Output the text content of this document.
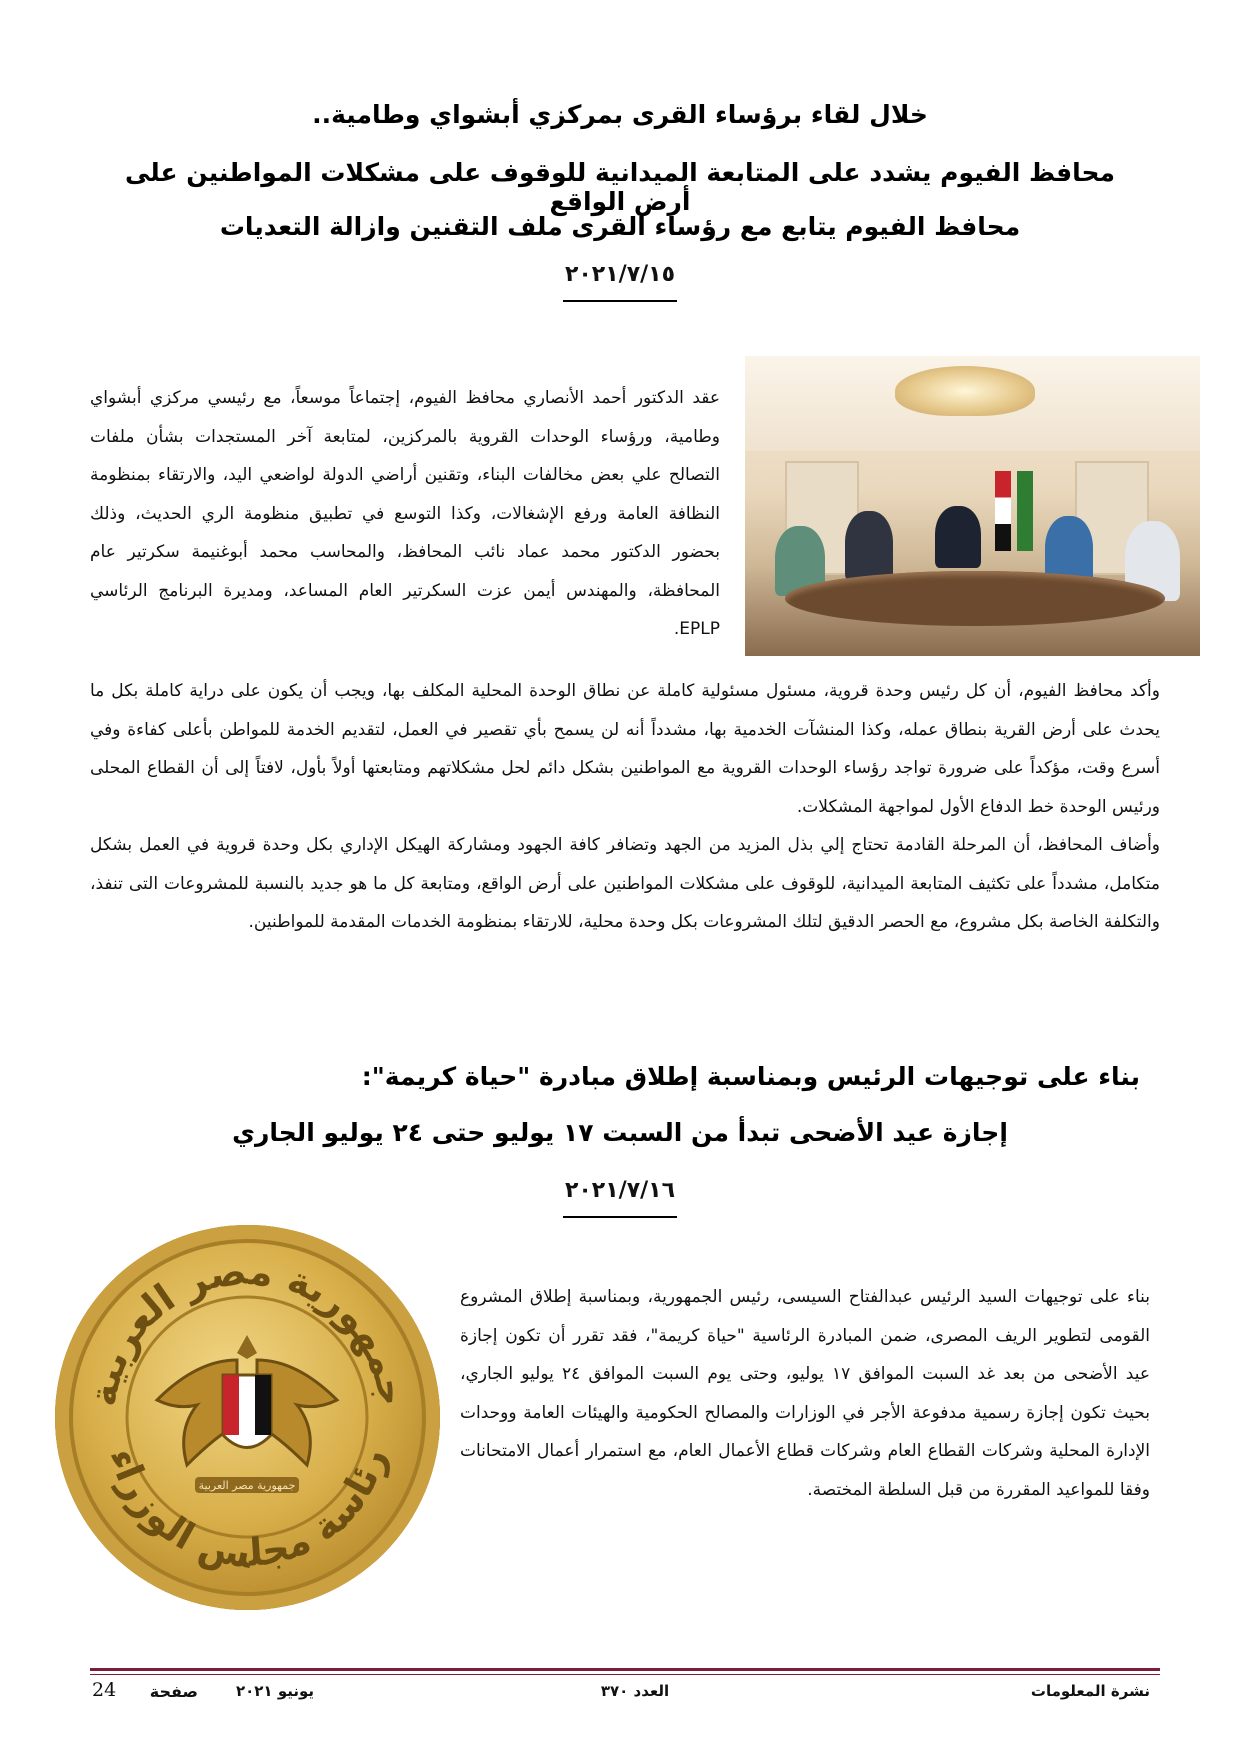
خلال لقاء برؤساء القرى بمركزي أبشواي وطامية..
محافظ الفيوم يشدد على المتابعة الميدانية للوقوف على مشكلات المواطنين على أرض الواقع
محافظ الفيوم يتابع مع رؤساء القرى ملف التقنين وازالة التعديات
٢٠٢١/٧/١٥
عقد الدكتور أحمد الأنصاري محافظ الفيوم، إجتماعاً موسعاً، مع رئيسي مركزي أبشواي وطامية، ورؤساء الوحدات القروية بالمركزين، لمتابعة آخر المستجدات بشأن ملفات التصالح علي بعض مخالفات البناء، وتقنين أراضي الدولة لواضعي اليد، والارتقاء بمنظومة النظافة العامة ورفع الإشغالات، وكذا التوسع في تطبيق منظومة الري الحديث، وذلك بحضور الدكتور محمد عماد نائب المحافظ، والمحاسب محمد أبوغنيمة سكرتير عام المحافظة، والمهندس أيمن عزت السكرتير العام المساعد، ومديرة البرنامج الرئاسي EPLP.
وأكد محافظ الفيوم، أن كل رئيس وحدة قروية، مسئول مسئولية كاملة عن نطاق الوحدة المحلية المكلف بها، ويجب أن يكون على دراية كاملة بكل ما يحدث على أرض القرية بنطاق عمله، وكذا المنشآت الخدمية بها، مشدداً أنه لن يسمح بأي تقصير في العمل، لتقديم الخدمة للمواطن بأعلى كفاءة وفي أسرع وقت، مؤكداً على ضرورة تواجد رؤساء الوحدات القروية مع المواطنين بشكل دائم لحل مشكلاتهم ومتابعتها أولاً بأول، لافتاً إلى أن القطاع المحلى ورئيس الوحدة خط الدفاع الأول لمواجهة المشكلات.
وأضاف المحافظ، أن المرحلة القادمة تحتاج إلي بذل المزيد من الجهد وتضافر كافة الجهود ومشاركة الهيكل الإداري بكل وحدة قروية في العمل بشكل متكامل، مشدداً على تكثيف المتابعة الميدانية، للوقوف على مشكلات المواطنين على أرض الواقع، ومتابعة كل ما هو جديد بالنسبة للمشروعات التى تنفذ، والتكلفة الخاصة بكل مشروع، مع الحصر الدقيق لتلك المشروعات بكل وحدة محلية، للارتقاء بمنظومة الخدمات المقدمة للمواطنين.
بناء على توجيهات الرئيس وبمناسبة إطلاق مبادرة "حياة كريمة":
إجازة عيد الأضحى تبدأ من السبت ١٧ يوليو حتى ٢٤ يوليو الجاري
٢٠٢١/٧/١٦
جمهورية مصر العربية
رئاسة مجلس الوزراء
جمهورية مصر العربية
بناء على توجيهات السيد الرئيس عبدالفتاح السيسى، رئيس الجمهورية، وبمناسبة إطلاق المشروع القومى لتطوير الريف المصرى، ضمن المبادرة الرئاسية "حياة كريمة"، فقد تقرر أن تكون إجازة عيد الأضحى من بعد غد السبت الموافق ١٧ يوليو، وحتى يوم السبت الموافق ٢٤ يوليو الجاري، بحيث تكون إجازة رسمية مدفوعة الأجر في الوزارات والمصالح الحكومية والهيئات العامة ووحدات الإدارة المحلية وشركات القطاع العام وشركات قطاع الأعمال العام، مع استمرار أعمال الامتحانات وفقا للمواعيد المقررة من قبل السلطة المختصة.
نشرة المعلومات
العدد ٣٧٠
يونيو ٢٠٢١
صفحة
24
